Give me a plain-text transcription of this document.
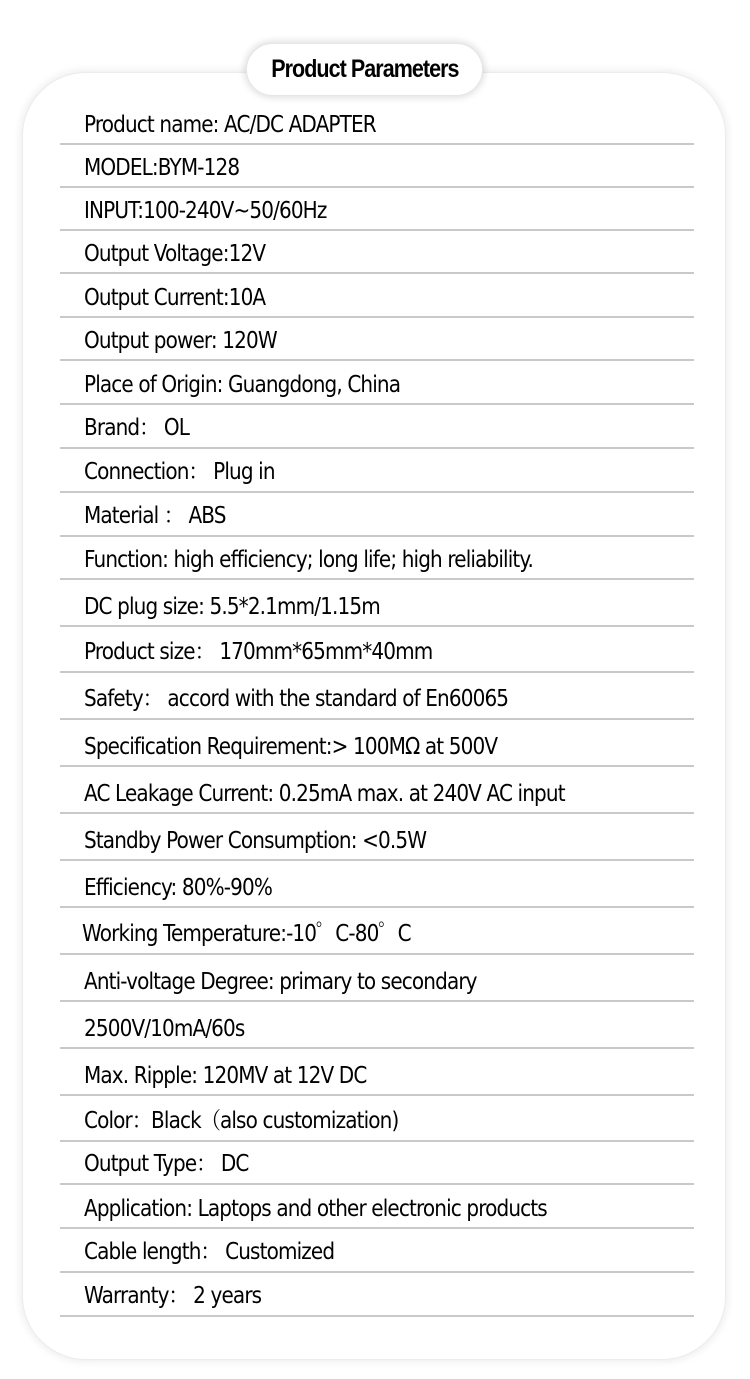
Product Parameters
Product name: AC/DC ADAPTER
MODEL:BYM-128
INPUT:100-240V~50/60Hz
Output Voltage:12V
Output Current:10A
Output power: 120W
Place of Origin: Guangdong, China
Brand： OL
Connection： Plug in
Material ： ABS
Function: high efficiency; long life; high reliability.
DC plug size: 5.5*2.1mm/1.15m
Product size： 170mm*65mm*40mm
Safety： accord with the standard of En60065
Specification Requirement:> 100MΩ at 500V
AC Leakage Current: 0.25mA max. at 240V AC input
Standby Power Consumption: <0.5W
Efficiency: 80%-90%
Working Temperature:-10゜C-80゜C
Anti-voltage Degree: primary to secondary
2500V/10mA/60s
Max. Ripple: 120MV at 12V DC
Color：Black（also customization)
Output Type： DC
Application: Laptops and other electronic products
Cable length： Customized
Warranty： 2 years
